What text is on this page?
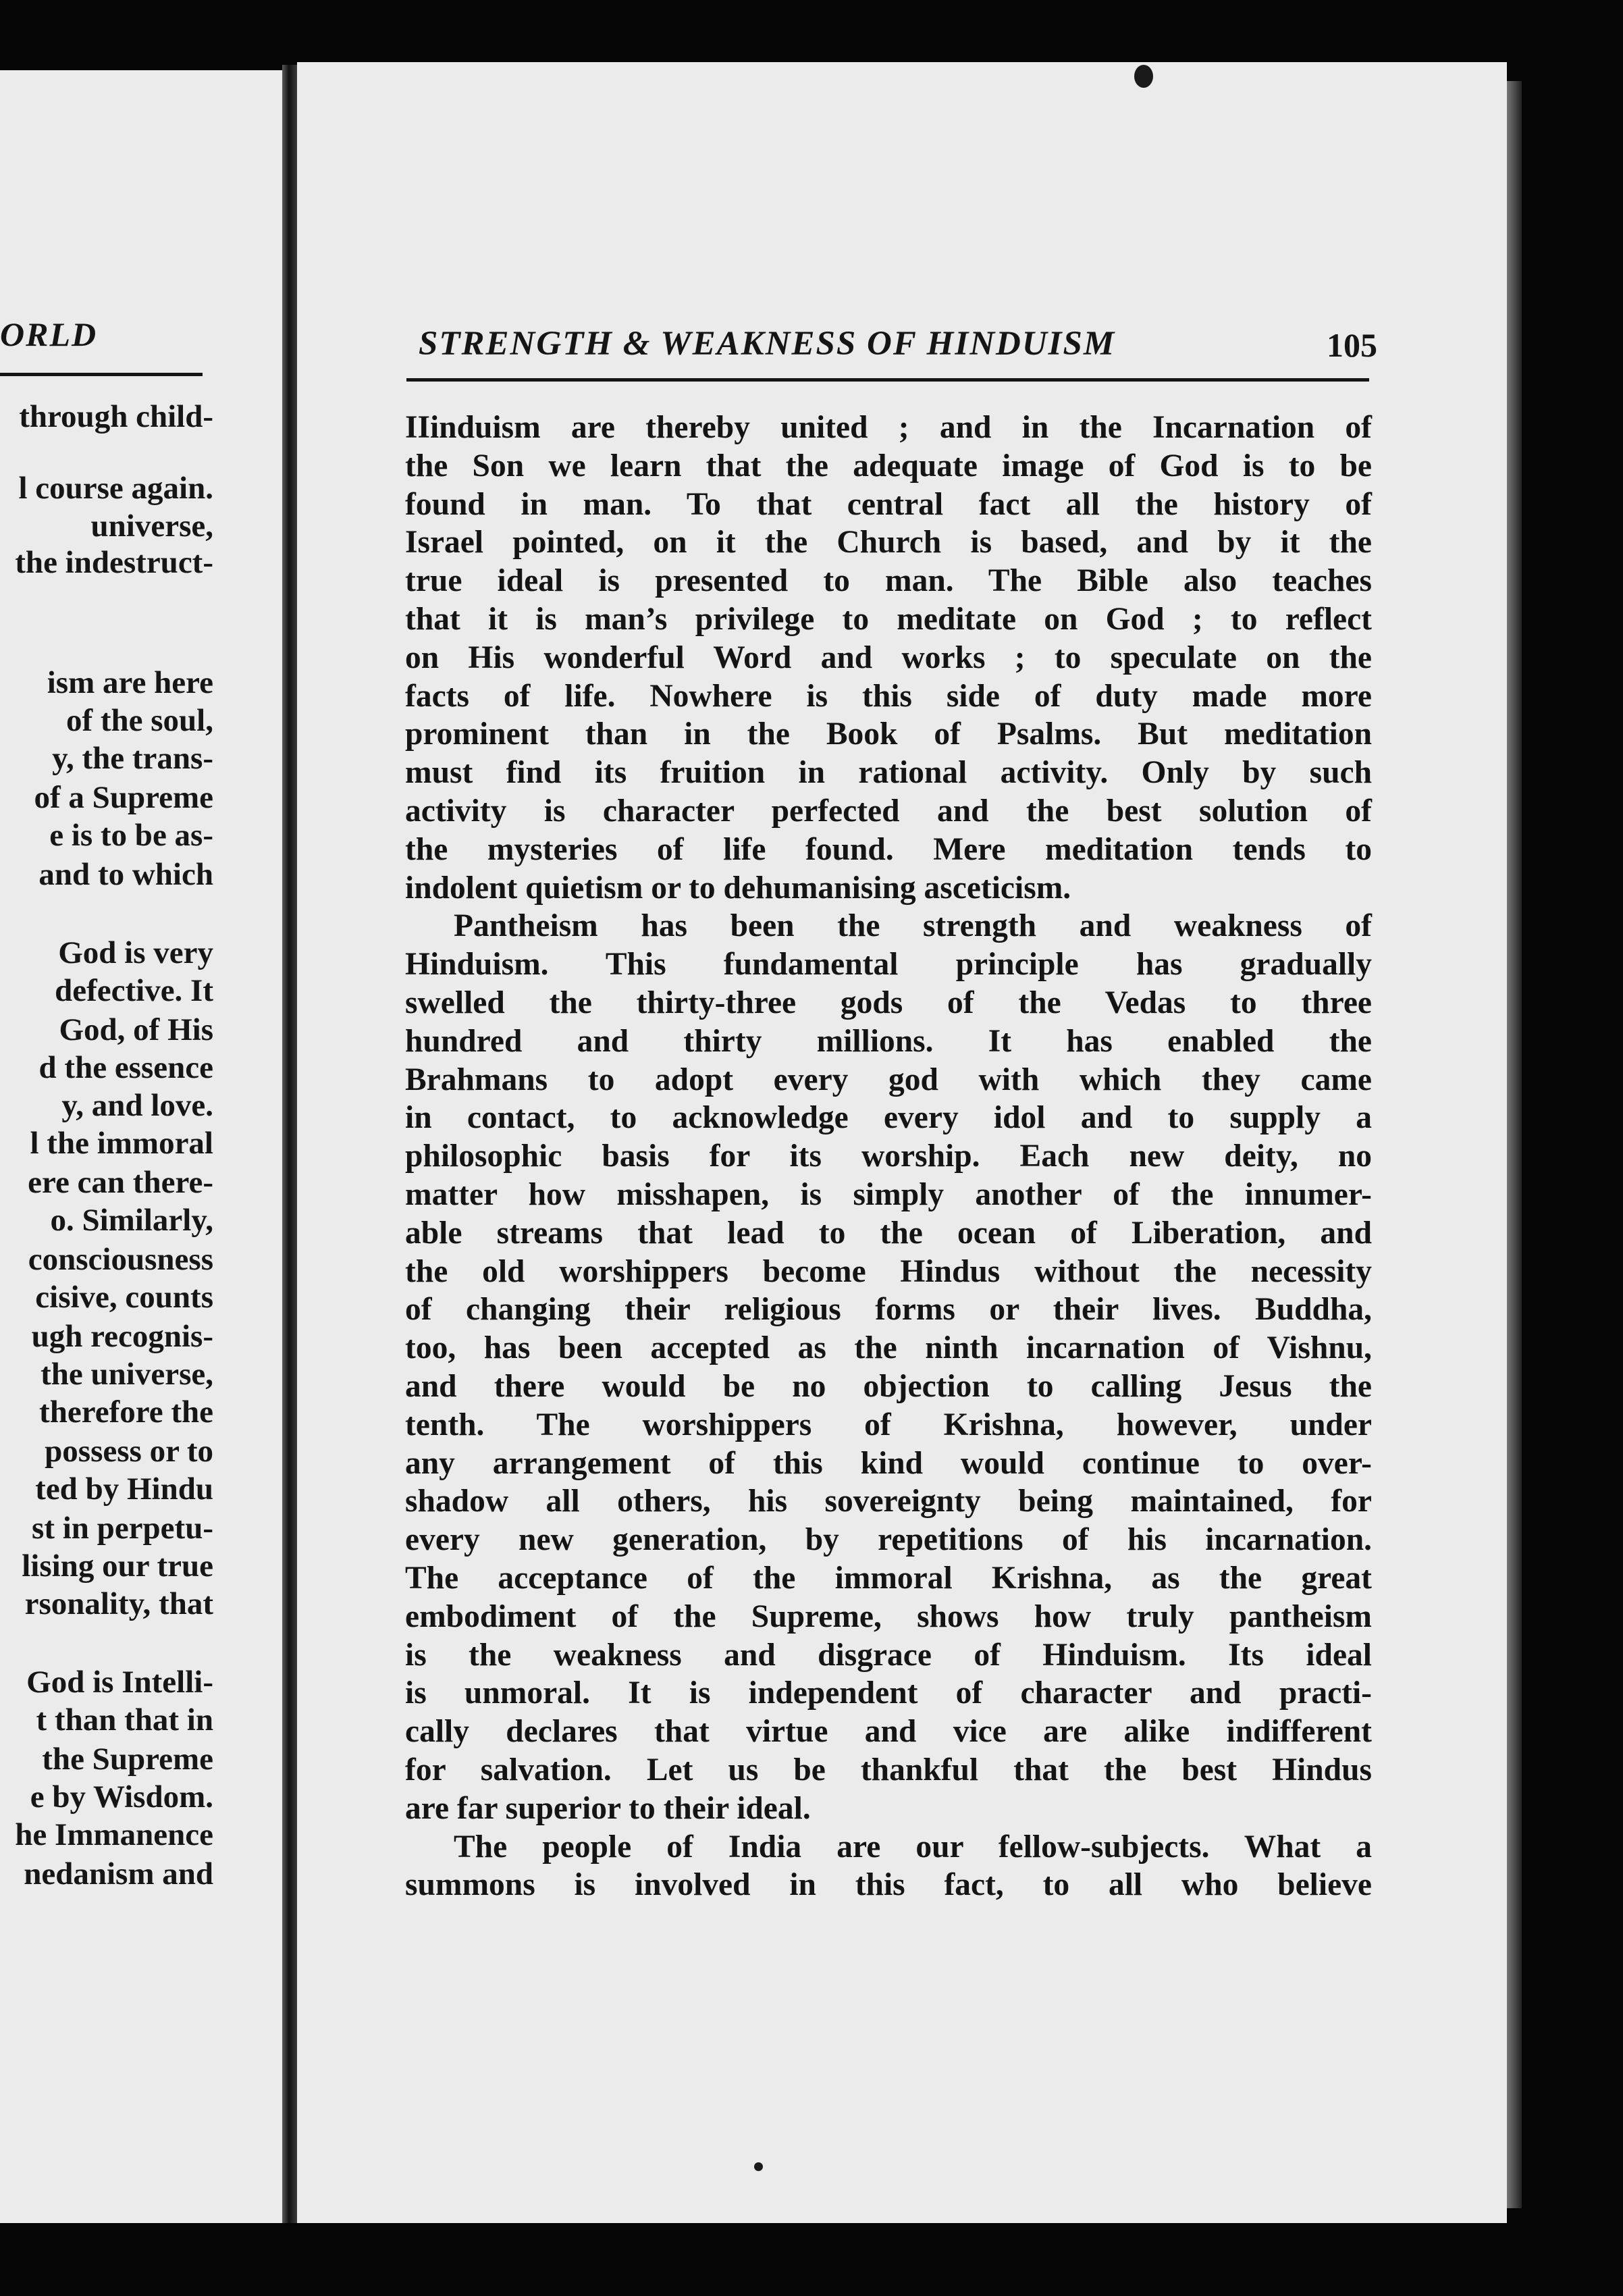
ORLD
through child-
l course again.
universe,
the indestruct-
ism are here
of the soul,
y, the trans-
of a Supreme
e is to be as-
and to which
God is very
defective. It
God, of His
d the essence
y, and love.
l the immoral
ere can there-
o. Similarly,
consciousness
cisive, counts
ugh recognis-
the universe,
therefore the
possess or to
ted by Hindu
st in perpetu-
lising our true
rsonality, that
God is Intelli-
t than that in
the Supreme
e by Wisdom.
he Immanence
nedanism and
STRENGTH & WEAKNESS OF HINDUISM	105
IIinduism are thereby united ; and in the Incarnation of
the Son we learn that the adequate image of God is to be
found in man. To that central fact all the history of
Israel pointed, on it the Church is based, and by it the
true ideal is presented to man. The Bible also teaches
that it is man’s privilege to meditate on God ; to reflect
on His wonderful Word and works ; to speculate on the
facts of life. Nowhere is this side of duty made more
prominent than in the Book of Psalms. But meditation
must find its fruition in rational activity. Only by such
activity is character perfected and the best solution of
the mysteries of life found. Mere meditation tends to
indolent quietism or to dehumanising asceticism.
Pantheism has been the strength and weakness of
Hinduism. This fundamental principle has gradually
swelled the thirty-three gods of the Vedas to three
hundred and thirty millions. It has enabled the
Brahmans to adopt every god with which they came
in contact, to acknowledge every idol and to supply a
philosophic basis for its worship. Each new deity, no
matter how misshapen, is simply another of the innumer-
able streams that lead to the ocean of Liberation, and
the old worshippers become Hindus without the necessity
of changing their religious forms or their lives. Buddha,
too, has been accepted as the ninth incarnation of Vishnu,
and there would be no objection to calling Jesus the
tenth. The worshippers of Krishna, however, under
any arrangement of this kind would continue to over-
shadow all others, his sovereignty being maintained, for
every new generation, by repetitions of his incarnation.
The acceptance of the immoral Krishna, as the great
embodiment of the Supreme, shows how truly pantheism
is the weakness and disgrace of Hinduism. Its ideal
is unmoral. It is independent of character and practi-
cally declares that virtue and vice are alike indifferent
for salvation. Let us be thankful that the best Hindus
are far superior to their ideal.
The people of India are our fellow-subjects. What a
summons is involved in this fact, to all who believe
